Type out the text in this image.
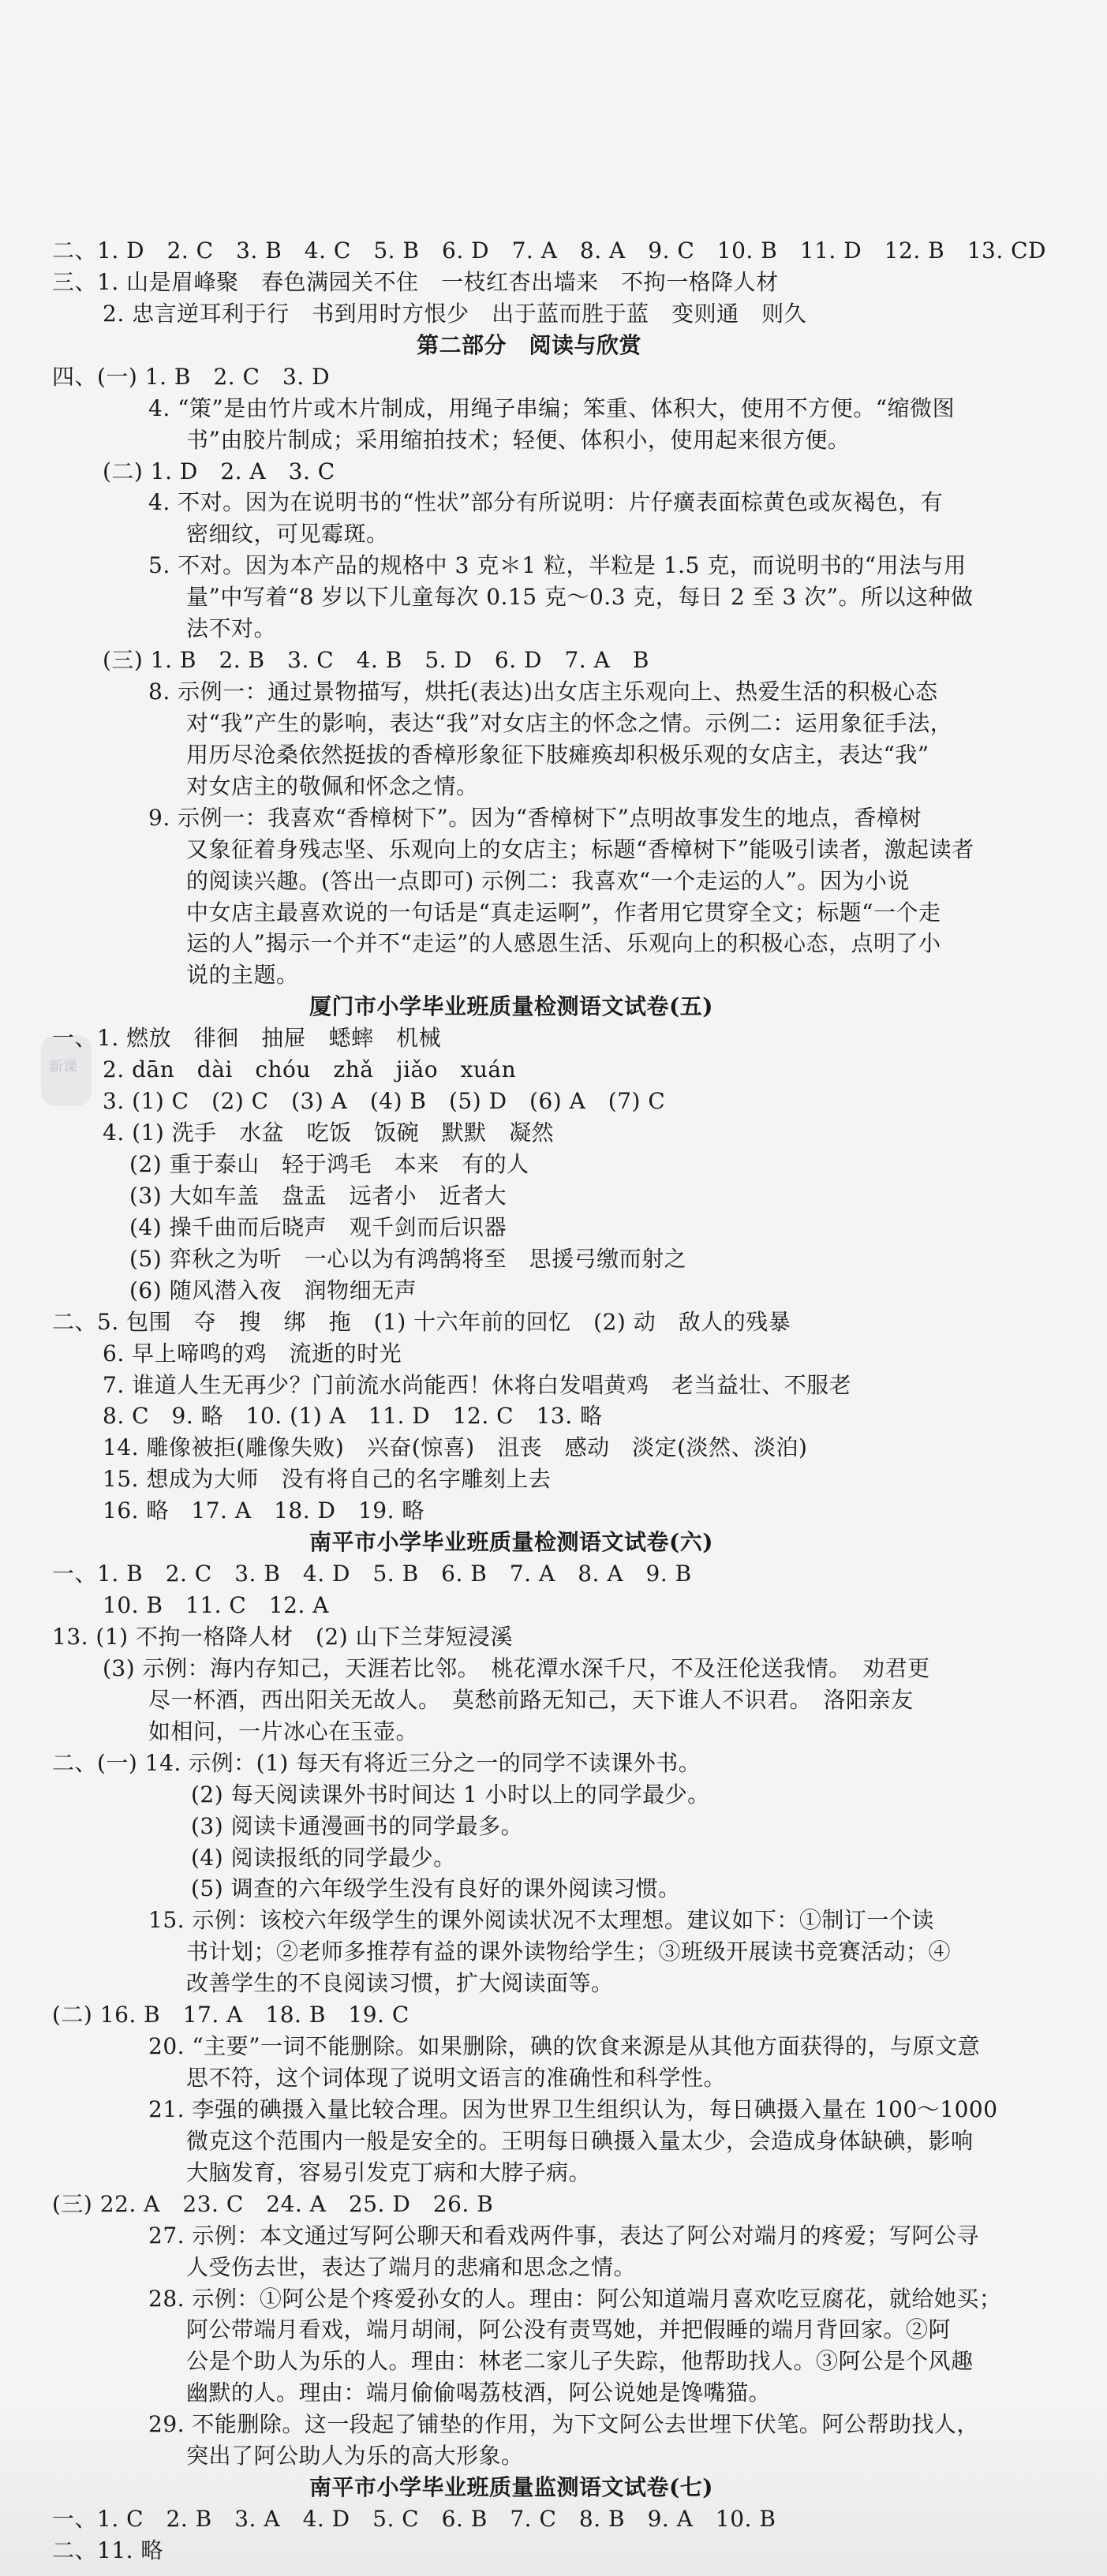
新课
二、1. D　2. C　3. B　4. C　5. B　6. D　7. A　8. A　9. C　10. B　11. D　12. B　13. CD
三、1. 山是眉峰聚　春色满园关不住　一枝红杏出墙来　不拘一格降人材
2. 忠言逆耳利于行　书到用时方恨少　出于蓝而胜于蓝　变则通　则久
第二部分　阅读与欣赏
四、(一) 1. B　2. C　3. D
4. “策”是由竹片或木片制成，用绳子串编；笨重、体积大，使用不方便。“缩微图
书”由胶片制成；采用缩拍技术；轻便、体积小，使用起来很方便。
(二) 1. D　2. A　3. C
4. 不对。因为在说明书的“性状”部分有所说明：片仔癀表面棕黄色或灰褐色，有
密细纹，可见霉斑。
5. 不对。因为本产品的规格中 3 克＊1 粒，半粒是 1.5 克，而说明书的“用法与用
量”中写着“8 岁以下儿童每次 0.15 克～0.3 克，每日 2 至 3 次”。所以这种做
法不对。
(三) 1. B　2. B　3. C　4. B　5. D　6. D　7. A　B
8. 示例一：通过景物描写，烘托(表达)出女店主乐观向上、热爱生活的积极心态
对“我”产生的影响，表达“我”对女店主的怀念之情。示例二：运用象征手法，
用历尽沧桑依然挺拔的香樟形象征下肢瘫痪却积极乐观的女店主，表达“我”
对女店主的敬佩和怀念之情。
9. 示例一：我喜欢“香樟树下”。因为“香樟树下”点明故事发生的地点，香樟树
又象征着身残志坚、乐观向上的女店主；标题“香樟树下”能吸引读者，激起读者
的阅读兴趣。(答出一点即可) 示例二：我喜欢“一个走运的人”。因为小说
中女店主最喜欢说的一句话是“真走运啊”，作者用它贯穿全文；标题“一个走
运的人”揭示一个并不“走运”的人感恩生活、乐观向上的积极心态，点明了小
说的主题。
厦门市小学毕业班质量检测语文试卷(五)
一、1. 燃放　徘徊　抽屉　蟋蟀　机械
2. dān　dài　chóu　zhǎ　jiǎo　xuán
3. (1) C　(2) C　(3) A　(4) B　(5) D　(6) A　(7) C
4. (1) 洗手　水盆　吃饭　饭碗　默默　凝然
(2) 重于泰山　轻于鸿毛　本来　有的人
(3) 大如车盖　盘盂　远者小　近者大
(4) 操千曲而后晓声　观千剑而后识器
(5) 弈秋之为听　一心以为有鸿鹄将至　思援弓缴而射之
(6) 随风潜入夜　润物细无声
二、5. 包围　夺　搜　绑　拖　(1) 十六年前的回忆　(2) 动　敌人的残暴
6. 早上啼鸣的鸡　流逝的时光
7. 谁道人生无再少？门前流水尚能西！休将白发唱黄鸡　老当益壮、不服老
8. C　9. 略　10. (1) A　11. D　12. C　13. 略
14. 雕像被拒(雕像失败)　兴奋(惊喜)　沮丧　感动　淡定(淡然、淡泊)
15. 想成为大师　没有将自己的名字雕刻上去
16. 略　17. A　18. D　19. 略
南平市小学毕业班质量检测语文试卷(六)
一、1. B　2. C　3. B　4. D　5. B　6. B　7. A　8. A　9. B
10. B　11. C　12. A
13. (1) 不拘一格降人材　(2) 山下兰芽短浸溪
(3) 示例：海内存知己，天涯若比邻。　桃花潭水深千尺，不及汪伦送我情。　劝君更
尽一杯酒，西出阳关无故人。　莫愁前路无知己，天下谁人不识君。　洛阳亲友
如相问，一片冰心在玉壶。
二、(一) 14. 示例：(1) 每天有将近三分之一的同学不读课外书。
(2) 每天阅读课外书时间达 1 小时以上的同学最少。
(3) 阅读卡通漫画书的同学最多。
(4) 阅读报纸的同学最少。
(5) 调查的六年级学生没有良好的课外阅读习惯。
15. 示例：该校六年级学生的课外阅读状况不太理想。建议如下：①制订一个读
书计划；②老师多推荐有益的课外读物给学生；③班级开展读书竞赛活动；④
改善学生的不良阅读习惯，扩大阅读面等。
(二) 16. B　17. A　18. B　19. C
20. “主要”一词不能删除。如果删除，碘的饮食来源是从其他方面获得的，与原文意
思不符，这个词体现了说明文语言的准确性和科学性。
21. 李强的碘摄入量比较合理。因为世界卫生组织认为，每日碘摄入量在 100～1000
微克这个范围内一般是安全的。王明每日碘摄入量太少，会造成身体缺碘，影响
大脑发育，容易引发克丁病和大脖子病。
(三) 22. A　23. C　24. A　25. D　26. B
27. 示例：本文通过写阿公聊天和看戏两件事，表达了阿公对端月的疼爱；写阿公寻
人受伤去世，表达了端月的悲痛和思念之情。
28. 示例：①阿公是个疼爱孙女的人。理由：阿公知道端月喜欢吃豆腐花，就给她买；
阿公带端月看戏，端月胡闹，阿公没有责骂她，并把假睡的端月背回家。②阿
公是个助人为乐的人。理由：林老二家儿子失踪，他帮助找人。③阿公是个风趣
幽默的人。理由：端月偷偷喝荔枝酒，阿公说她是馋嘴猫。
29. 不能删除。这一段起了铺垫的作用，为下文阿公去世埋下伏笔。阿公帮助找人，
突出了阿公助人为乐的高大形象。
南平市小学毕业班质量监测语文试卷(七)
一、1. C　2. B　3. A　4. D　5. C　6. B　7. C　8. B　9. A　10. B
二、11. 略
